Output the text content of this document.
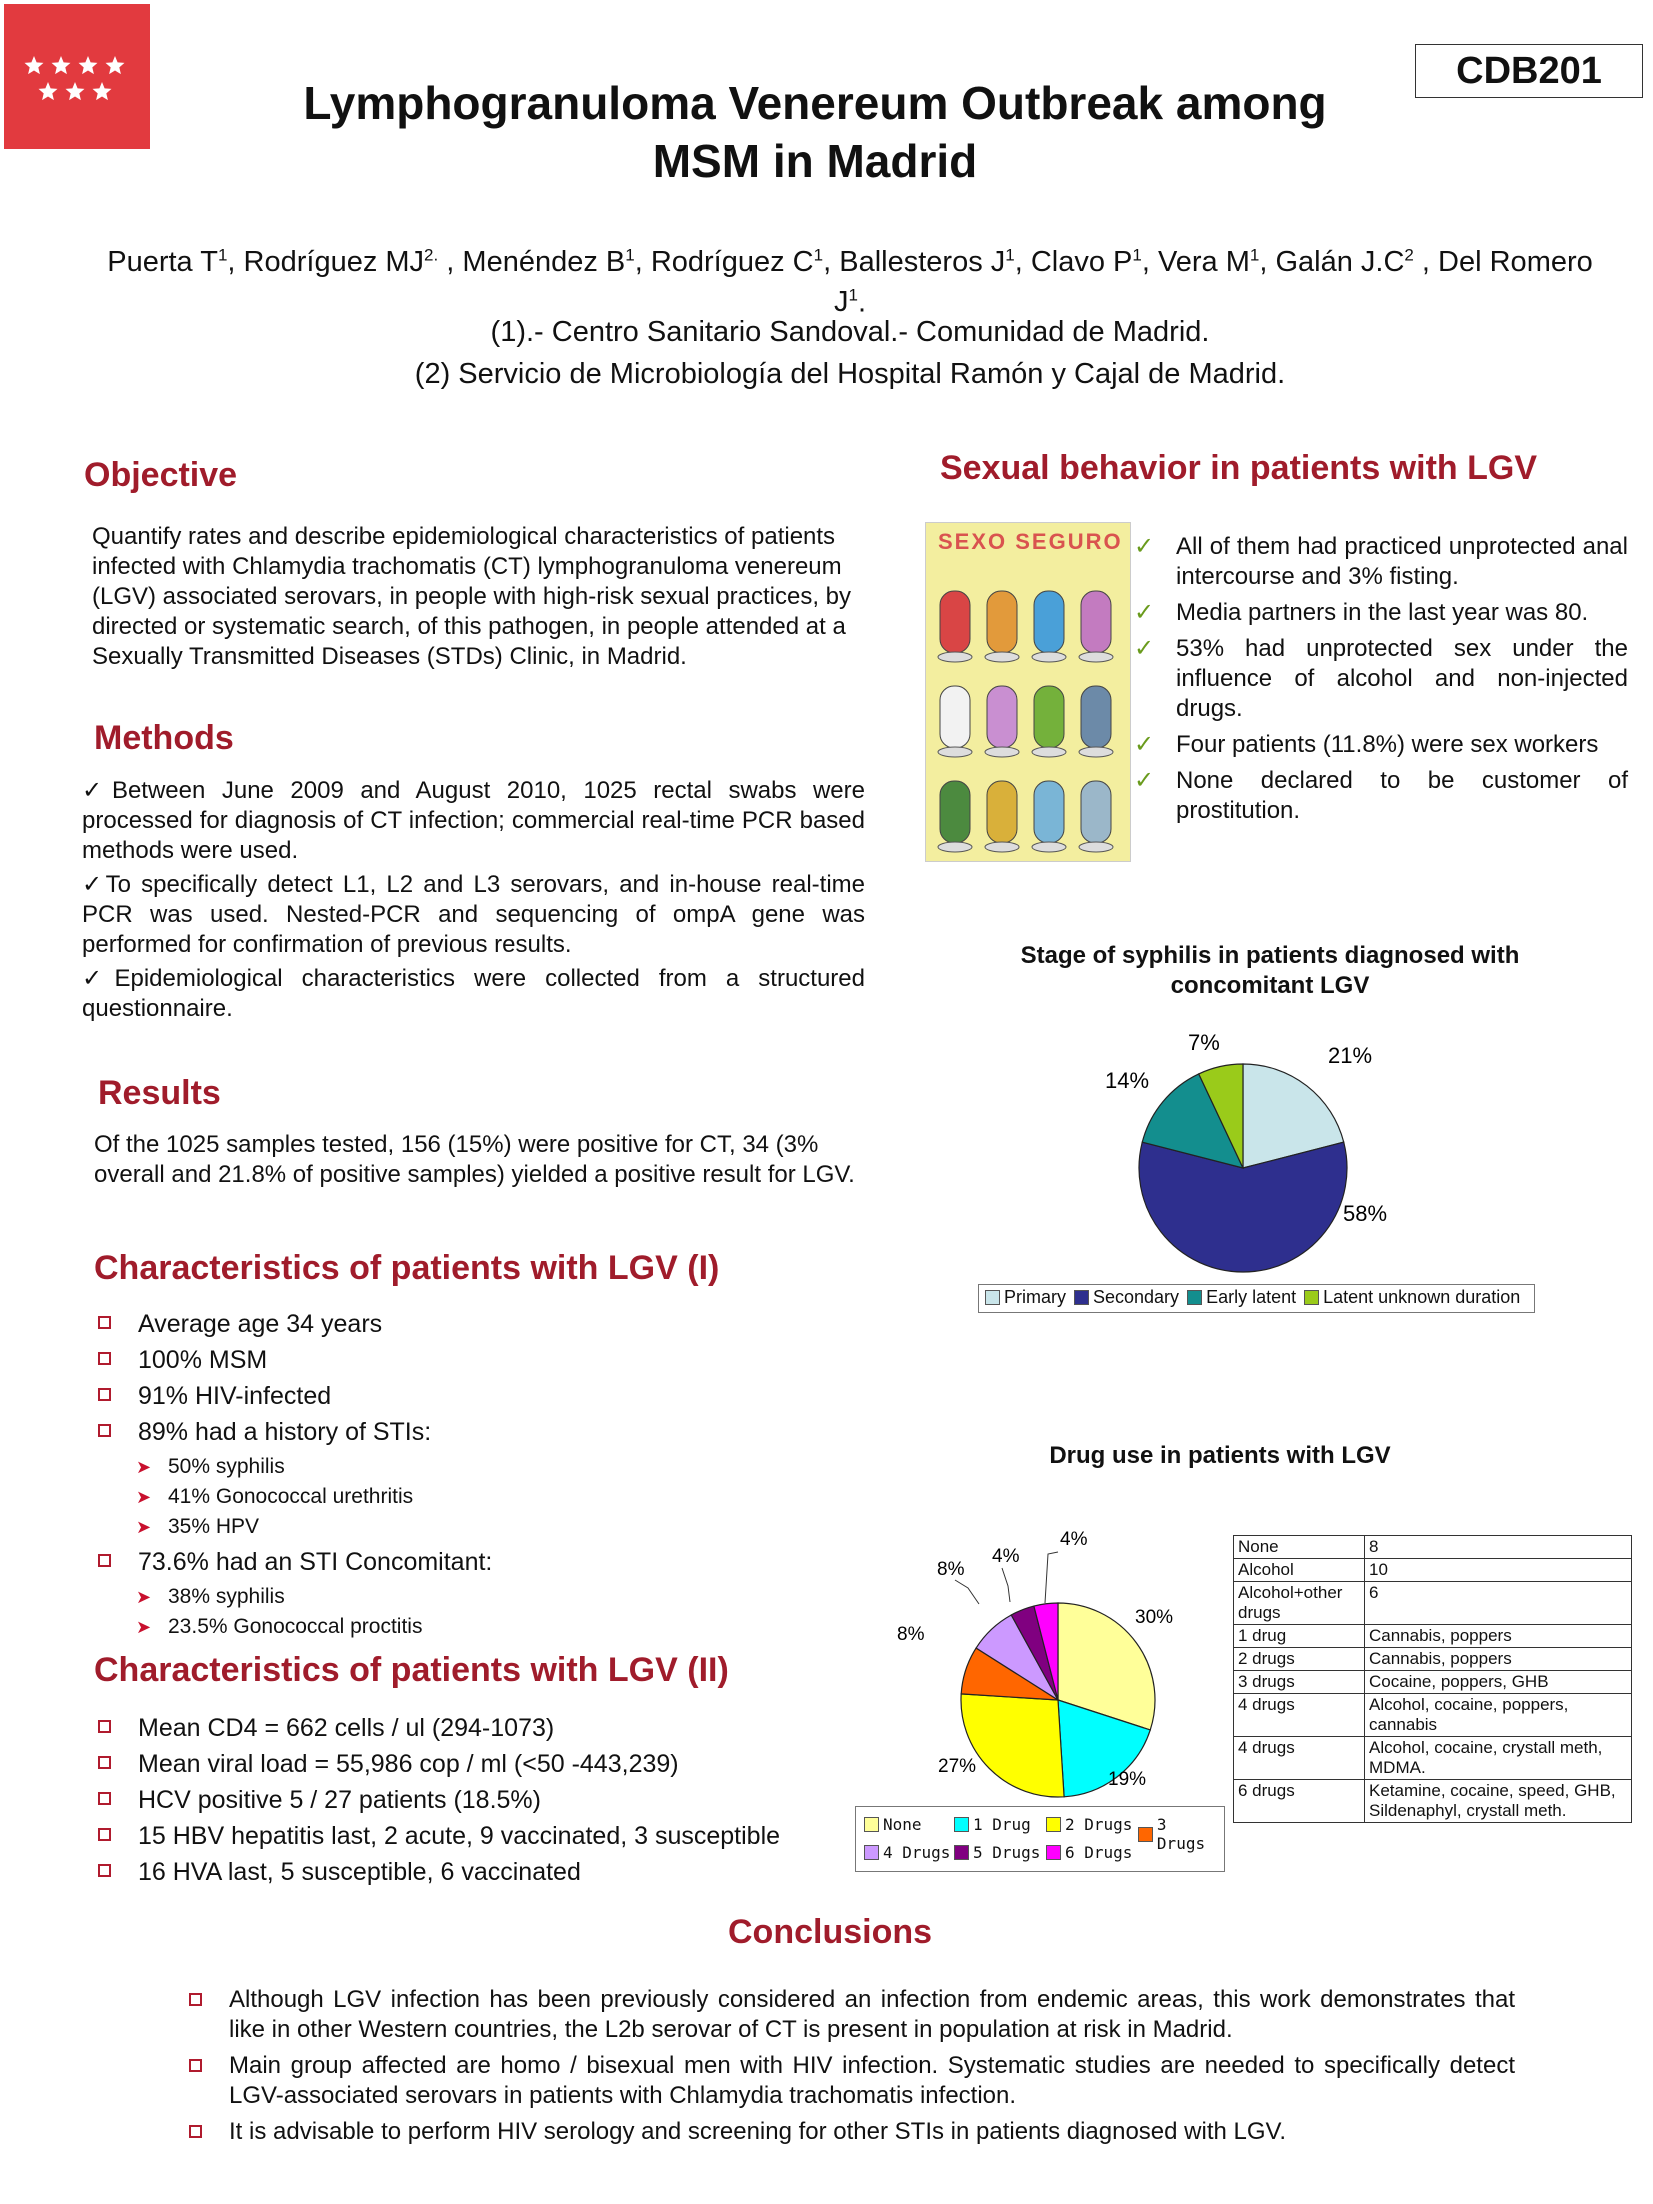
CDB201
Lymphogranuloma Venereum Outbreak among
MSM in Madrid
Puerta $T^1$, Rodríguez $MJ^{2.}$ , Menéndez $B^1$, Rodríguez $C^1$, Ballesteros $J^1$, Clavo $P^1$, Vera $M^1$, Galán $J.C^2$ , Del Romero $J^1$.
(1).- Centro Sanitario Sandoval.- Comunidad de Madrid.
(2) Servicio de Microbiología del Hospital Ramón y Cajal de Madrid.
Objective
Quantify rates and describe epidemiological characteristics of patients infected with Chlamydia trachomatis (CT) lymphogranuloma venereum (LGV) associated serovars, in people with high-risk sexual practices, by directed or systematic search, of this pathogen, in people attended at a Sexually Transmitted Diseases (STDs) Clinic, in Madrid.
Methods

✓Between June 2009 and August 2010, 1025 rectal swabs were processed for diagnosis of CT infection; commercial real-time PCR based methods were used.

✓To specifically detect L1, L2 and L3 serovars, and in-house real-time PCR was used. Nested-PCR and sequencing of ompA gene was performed for confirmation of previous results.

✓Epidemiological characteristics were collected from a structured questionnaire.

Results
Of the 1025 samples tested, 156 (15%) were positive for CT, 34 (3% overall and 21.8% of positive samples) yielded a positive result for LGV.
Characteristics of patients with LGV (I)
Average age 34 years
100% MSM
91% HIV-infected
89% had a history of STIs:
➤ 50% syphilis
➤ 41% Gonococcal urethritis
➤ 35% HPV
73.6% had an STI Concomitant:
➤ 38% syphilis
➤ 23.5% Gonococcal proctitis
Characteristics of patients with LGV (II)
Mean CD4 = 662 cells / ul (294-1073)
Mean viral load = 55,986 cop / ml (<50 -443,239)
HCV positive 5 / 27 patients (18.5%)
15 HBV hepatitis last, 2 acute, 9 vaccinated, 3 susceptible
16 HVA last, 5 susceptible, 6 vaccinated
Sexual behavior in patients with LGV
SEXO SEGURO ✓ All of them had practiced unprotected anal intercourse and 3% fisting.
✓ Media partners in the last year was 80.
✓ 53% had unprotected sex under the influence of alcohol and non-injected drugs.
✓ Four patients (11.8%) were sex workers
✓ None declared to be customer of prostitution.
Stage of syphilis in patients diagnosed with concomitant LGV
21%
58%
14%
7%
Primary Secondary Early latent Latent unknown duration
Drug use in patients with LGV
30%
19%
27%
8%
8%
4%
4%
None	1 Drug 2 Drugs 3 Drugs
4 Drugs 5 Drugs 6 Drugs
None	8
Alcohol	10
Alcohol+other drugs	6
1 drug	Cannabis, poppers
2 drugs	Cannabis, poppers
3 drugs	Cocaine, poppers, GHB
4 drugs	Alcohol, cocaine, poppers, cannabis
4 drugs	Alcohol, cocaine, crystall meth, MDMA.
6 drugs	Ketamine, cocaine, speed, GHB, Sildenaphyl, crystall meth.
Conclusions
Although LGV infection has been previously considered an infection from endemic areas, this work demonstrates that like in other Western countries, the L2b serovar of CT is present in population at risk in Madrid.
Main group affected are homo / bisexual men with HIV infection. Systematic studies are needed to specifically detect LGV-associated serovars in patients with Chlamydia trachomatis infection.
It is advisable to perform HIV serology and screening for other STIs in patients diagnosed with LGV.
